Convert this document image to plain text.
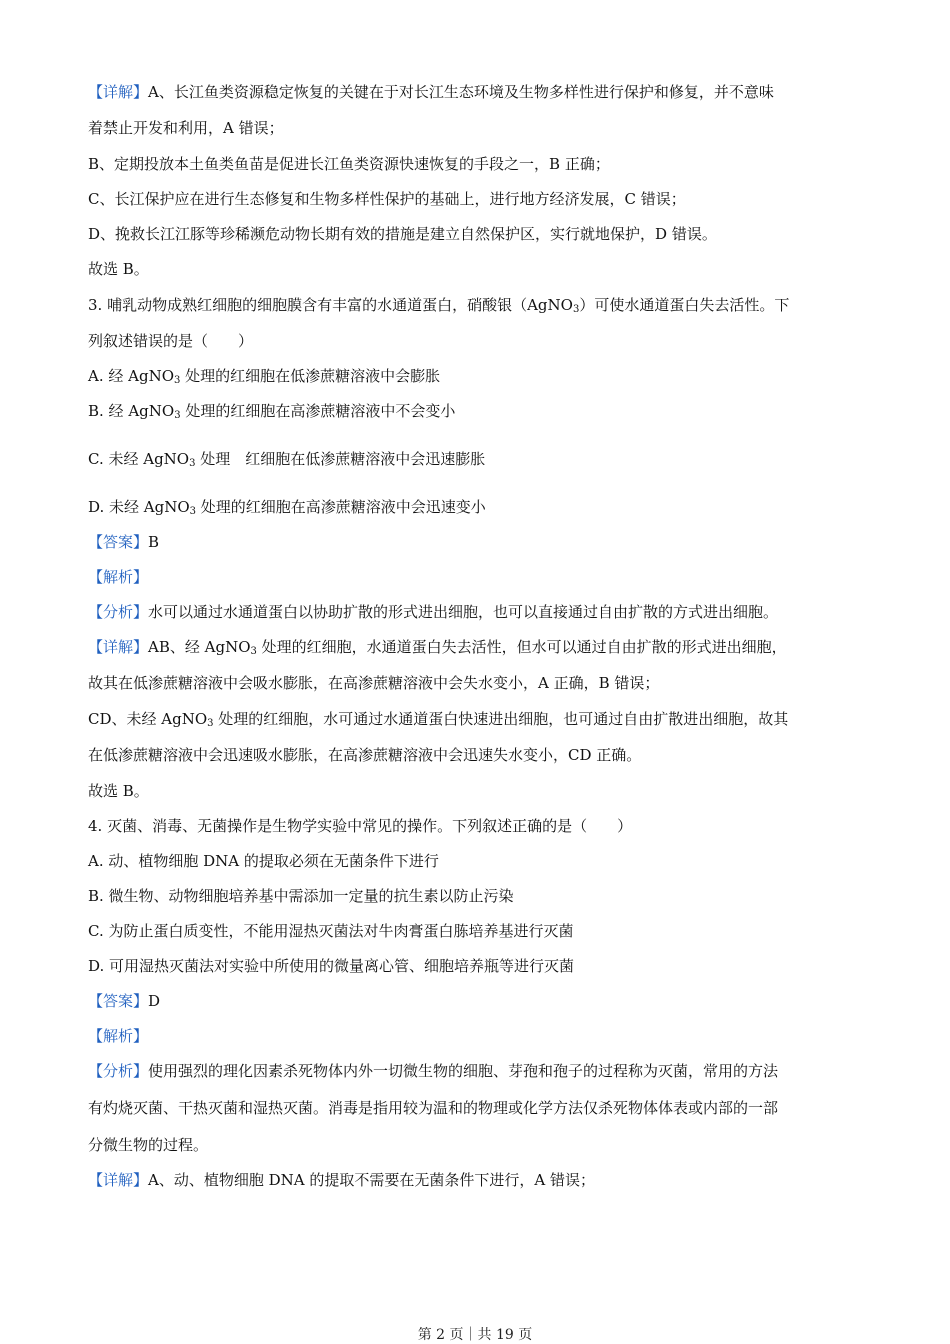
【详解】A、长江鱼类资源稳定恢复的关键在于对长江生态环境及生物多样性进行保护和修复，并不意味
着禁止开发和利用，A 错误；
B、定期投放本土鱼类鱼苗是促进长江鱼类资源快速恢复的手段之一，B 正确；
C、长江保护应在进行生态修复和生物多样性保护的基础上，进行地方经济发展，C 错误；
D、挽救长江江豚等珍稀濒危动物长期有效的措施是建立自然保护区，实行就地保护，D 错误。
故选 B。
3. 哺乳动物成熟红细胞的细胞膜含有丰富的水通道蛋白，硝酸银（AgNO$_3$）可使水通道蛋白失去活性。下
列叙述错误的是（　　）
A. 经 AgNO$_3$ 处理的红细胞在低渗蔗糖溶液中会膨胀
B. 经 AgNO$_3$ 处理的红细胞在高渗蔗糖溶液中不会变小
C. 未经 AgNO$_3$ 处理　红细胞在低渗蔗糖溶液中会迅速膨胀
D. 未经 AgNO$_3$ 处理的红细胞在高渗蔗糖溶液中会迅速变小
【答案】B
【解析】
【分析】水可以通过水通道蛋白以协助扩散的形式进出细胞，也可以直接通过自由扩散的方式进出细胞。
【详解】AB、经 AgNO$_3$ 处理的红细胞，水通道蛋白失去活性，但水可以通过自由扩散的形式进出细胞，
故其在低渗蔗糖溶液中会吸水膨胀，在高渗蔗糖溶液中会失水变小，A 正确，B 错误；
CD、未经 AgNO$_3$ 处理的红细胞，水可通过水通道蛋白快速进出细胞，也可通过自由扩散进出细胞，故其
在低渗蔗糖溶液中会迅速吸水膨胀，在高渗蔗糖溶液中会迅速失水变小，CD 正确。
故选 B。
4. 灭菌、消毒、无菌操作是生物学实验中常见的操作。下列叙述正确的是（　　）
A. 动、植物细胞 DNA 的提取必须在无菌条件下进行
B. 微生物、动物细胞培养基中需添加一定量的抗生素以防止污染
C. 为防止蛋白质变性，不能用湿热灭菌法对牛肉膏蛋白胨培养基进行灭菌
D. 可用湿热灭菌法对实验中所使用的微量离心管、细胞培养瓶等进行灭菌
【答案】D
【解析】
【分析】使用强烈的理化因素杀死物体内外一切微生物的细胞、芽孢和孢子的过程称为灭菌，常用的方法
有灼烧灭菌、干热灭菌和湿热灭菌。消毒是指用较为温和的物理或化学方法仅杀死物体体表或内部的一部
分微生物的过程。
【详解】A、动、植物细胞 DNA 的提取不需要在无菌条件下进行，A 错误；
第 2 页｜共 19 页
